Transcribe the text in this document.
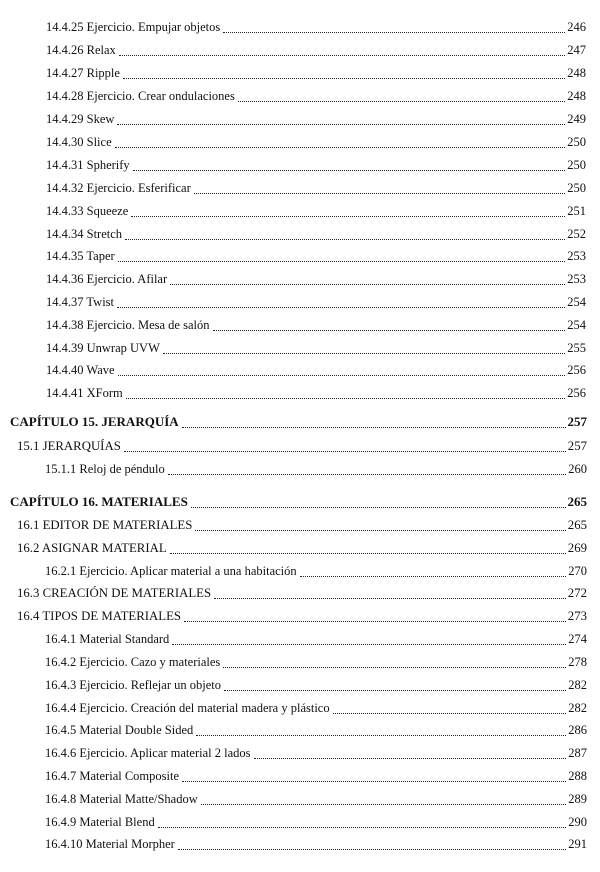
14.4.25 Ejercicio. Empujar objetos	246
14.4.26 Relax	247
14.4.27 Ripple	248
14.4.28 Ejercicio. Crear ondulaciones	248
14.4.29 Skew	249
14.4.30 Slice	250
14.4.31 Spherify	250
14.4.32 Ejercicio. Esferificar	250
14.4.33 Squeeze	251
14.4.34 Stretch	252
14.4.35 Taper	253
14.4.36 Ejercicio. Afilar	253
14.4.37 Twist	254
14.4.38 Ejercicio. Mesa de salón	254
14.4.39 Unwrap UVW	255
14.4.40 Wave	256
14.4.41 XForm	256
CAPÍTULO 15. JERARQUÍA	257
15.1 JERARQUÍAS	257
15.1.1 Reloj de péndulo	260
CAPÍTULO 16. MATERIALES	265
16.1 EDITOR DE MATERIALES	265
16.2 ASIGNAR MATERIAL	269
16.2.1 Ejercicio. Aplicar material a una habitación	270
16.3 CREACIÓN DE MATERIALES	272
16.4 TIPOS DE MATERIALES	273
16.4.1 Material Standard	274
16.4.2 Ejercicio. Cazo y materiales	278
16.4.3 Ejercicio. Reflejar un objeto	282
16.4.4 Ejercicio. Creación del material madera y plástico	282
16.4.5 Material Double Sided	286
16.4.6 Ejercicio. Aplicar material 2 lados	287
16.4.7 Material Composite	288
16.4.8 Material Matte/Shadow	289
16.4.9 Material Blend	290
16.4.10 Material Morpher	291
